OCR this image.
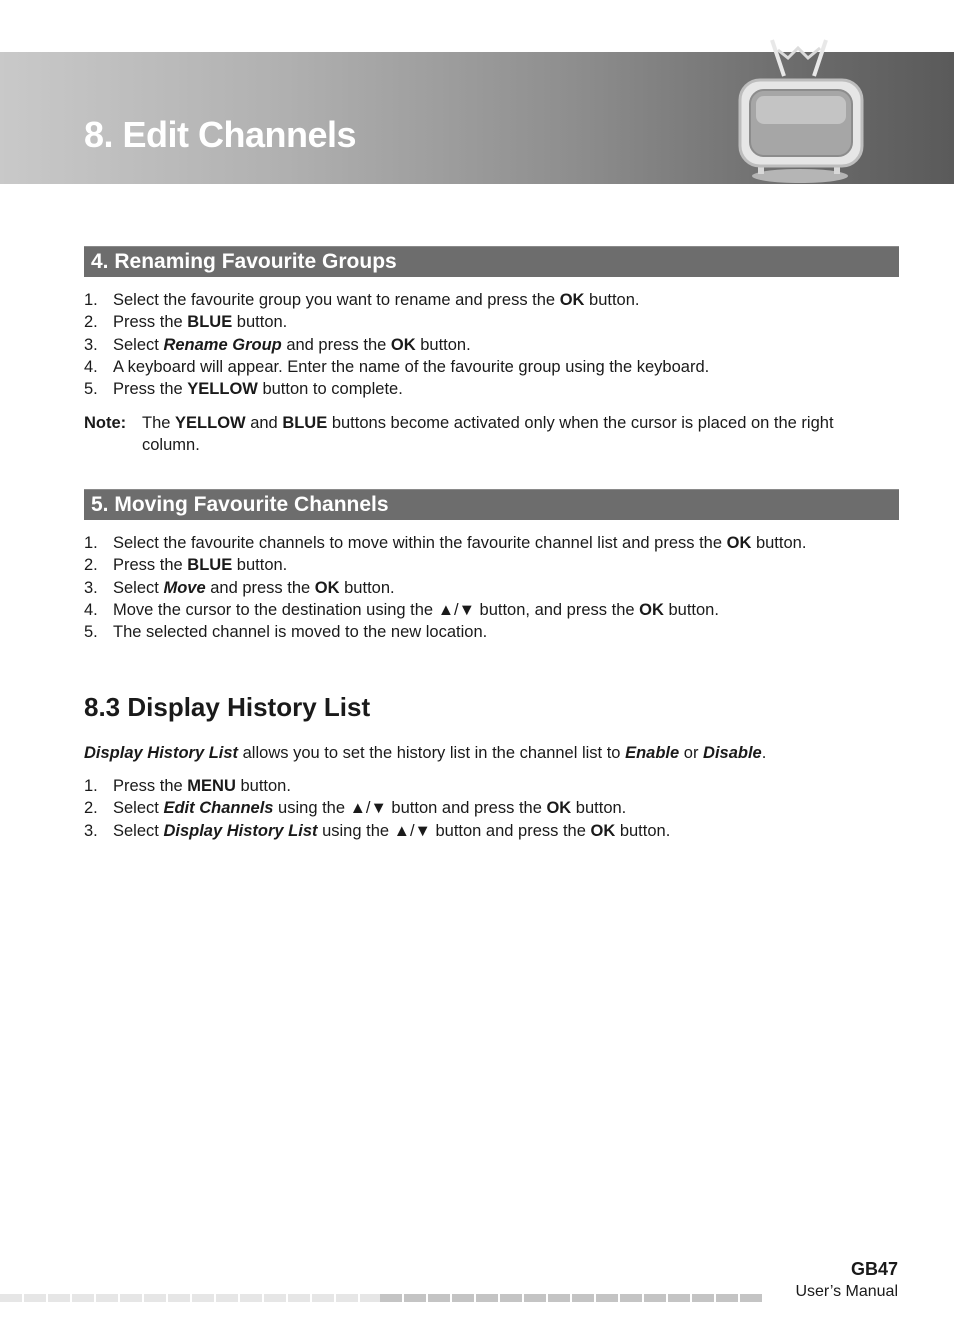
8. Edit Channels
4. Renaming Favourite Groups
1. Select the favourite group you want to rename and press the OK button.
2. Press the BLUE button.
3. Select Rename Group and press the OK button.
4. A keyboard will appear. Enter the name of the favourite group using the keyboard.
5. Press the YELLOW button to complete.
Note: The YELLOW and BLUE buttons become activated only when the cursor is placed on the right column.
5. Moving Favourite Channels
1. Select the favourite channels to move within the favourite channel list and press the OK button.
2. Press the BLUE button.
3. Select Move and press the OK button.
4. Move the cursor to the destination using the ▲/▼ button, and press the OK button.
5. The selected channel is moved to the new location.
8.3 Display History List

Display History List allows you to set the history list in the channel list to Enable or Disable.

1. Press the MENU button.
2. Select Edit Channels using the ▲/▼ button and press the OK button.
3. Select Display History List using the ▲/▼ button and press the OK button.
GB47
User’s Manual
